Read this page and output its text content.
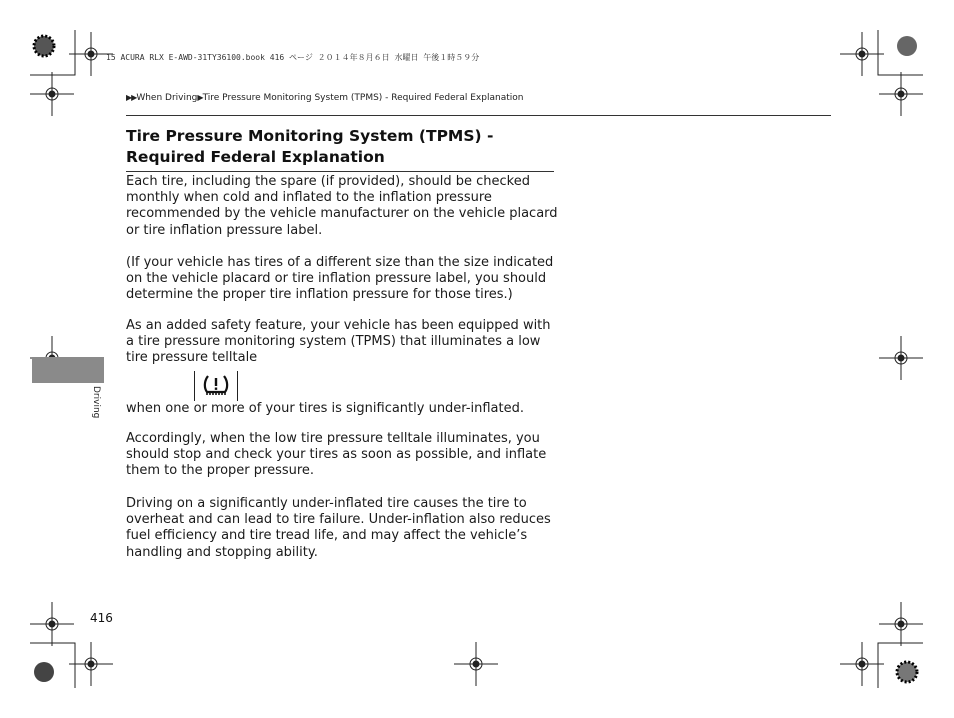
15 ACURA RLX E-AWD-31TY36100.book 416 ページ ２０１４年８月６日 水曜日 午後１時５９分
▶▶When Driving▶Tire Pressure Monitoring System (TPMS) - Required Federal Explanation
Tire Pressure Monitoring System (TPMS) - Required Federal Explanation

Each tire, including the spare (if provided), should be checked monthly when cold and inflated to the inflation pressure recommended by the vehicle manufacturer on the vehicle placard or tire inflation pressure label.

(If your vehicle has tires of a different size than the size indicated on the vehicle placard or tire inflation pressure label, you should determine the proper tire inflation pressure for those tires.)

As an added safety feature, your vehicle has been equipped with a tire pressure monitoring system (TPMS) that illuminates a low tire pressure telltale

when one or more of your tires is significantly under-inflated.

Accordingly, when the low tire pressure telltale illuminates, you should stop and check your tires as soon as possible, and inflate them to the proper pressure.

Driving on a significantly under-inflated tire causes the tire to overheat and can lead to tire failure. Under-inflation also reduces fuel efficiency and tire tread life, and may affect the vehicle’s handling and stopping ability.

Driving
416
